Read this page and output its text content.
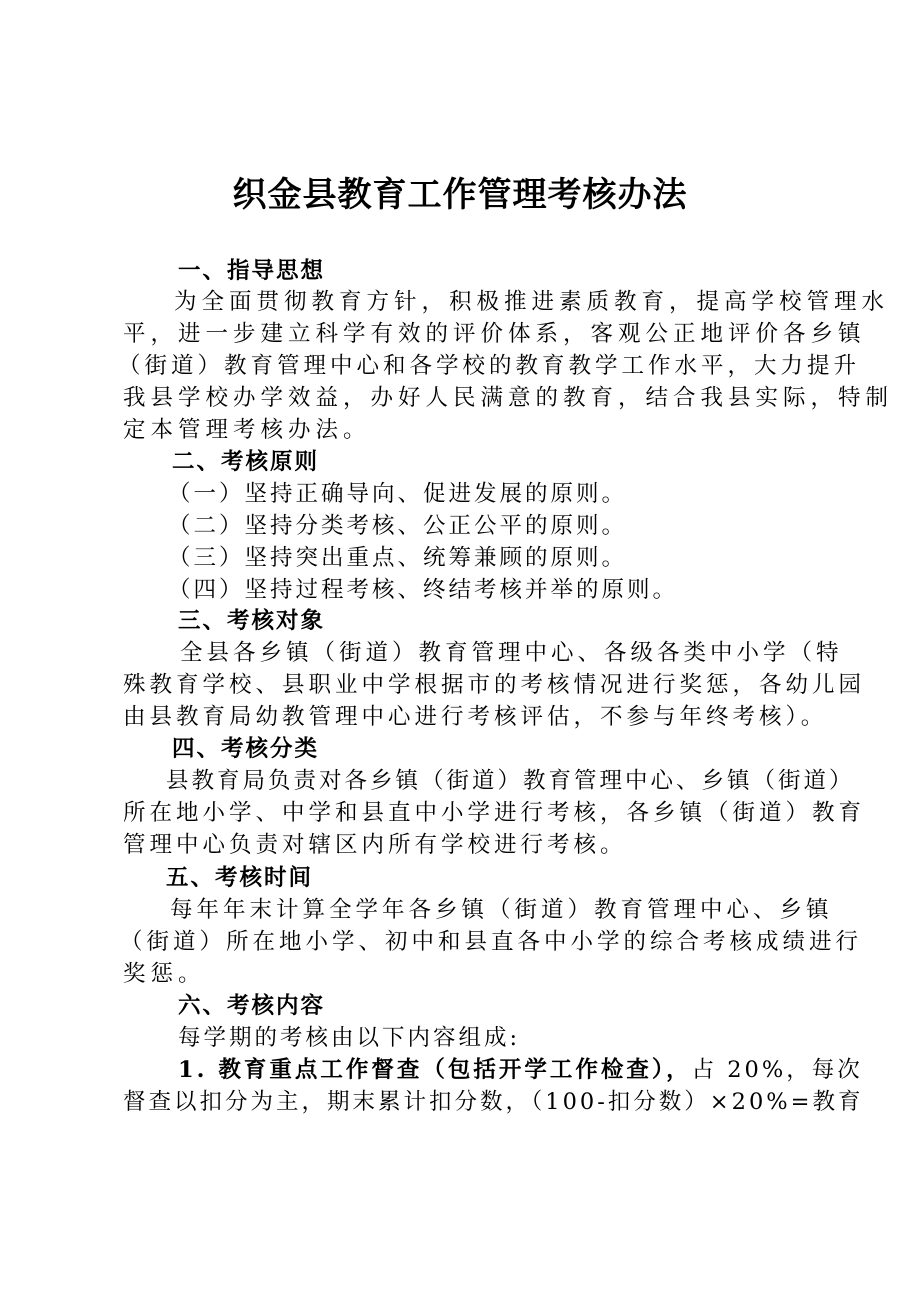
织金县教育工作管理考核办法
一、指导思想
为全面贯彻教育方针，积极推进素质教育，提高学校管理水
平，进一步建立科学有效的评价体系，客观公正地评价各乡镇
（街道）教育管理中心和各学校的教育教学工作水平，大力提升
我县学校办学效益，办好人民满意的教育，结合我县实际，特制
定本管理考核办法。
二、考核原则
（一）坚持正确导向、促进发展的原则。
（二）坚持分类考核、公正公平的原则。
（三）坚持突出重点、统筹兼顾的原则。
（四）坚持过程考核、终结考核并举的原则。
三、考核对象
全县各乡镇（街道）教育管理中心、各级各类中小学（特
殊教育学校、县职业中学根据市的考核情况进行奖惩，各幼儿园
由县教育局幼教管理中心进行考核评估，不参与年终考核）。
四、考核分类
县教育局负责对各乡镇（街道）教育管理中心、乡镇（街道）
所在地小学、中学和县直中小学进行考核，各乡镇（街道）教育
管理中心负责对辖区内所有学校进行考核。
五、考核时间
每年年末计算全学年各乡镇（街道）教育管理中心、乡镇
（街道）所在地小学、初中和县直各中小学的综合考核成绩进行
奖惩。
六、考核内容
每学期的考核由以下内容组成:
1. 教育重点工作督查（包括开学工作检查），占 20%，每次
督查以扣分为主，期末累计扣分数，（100-扣分数）×20%=教育
